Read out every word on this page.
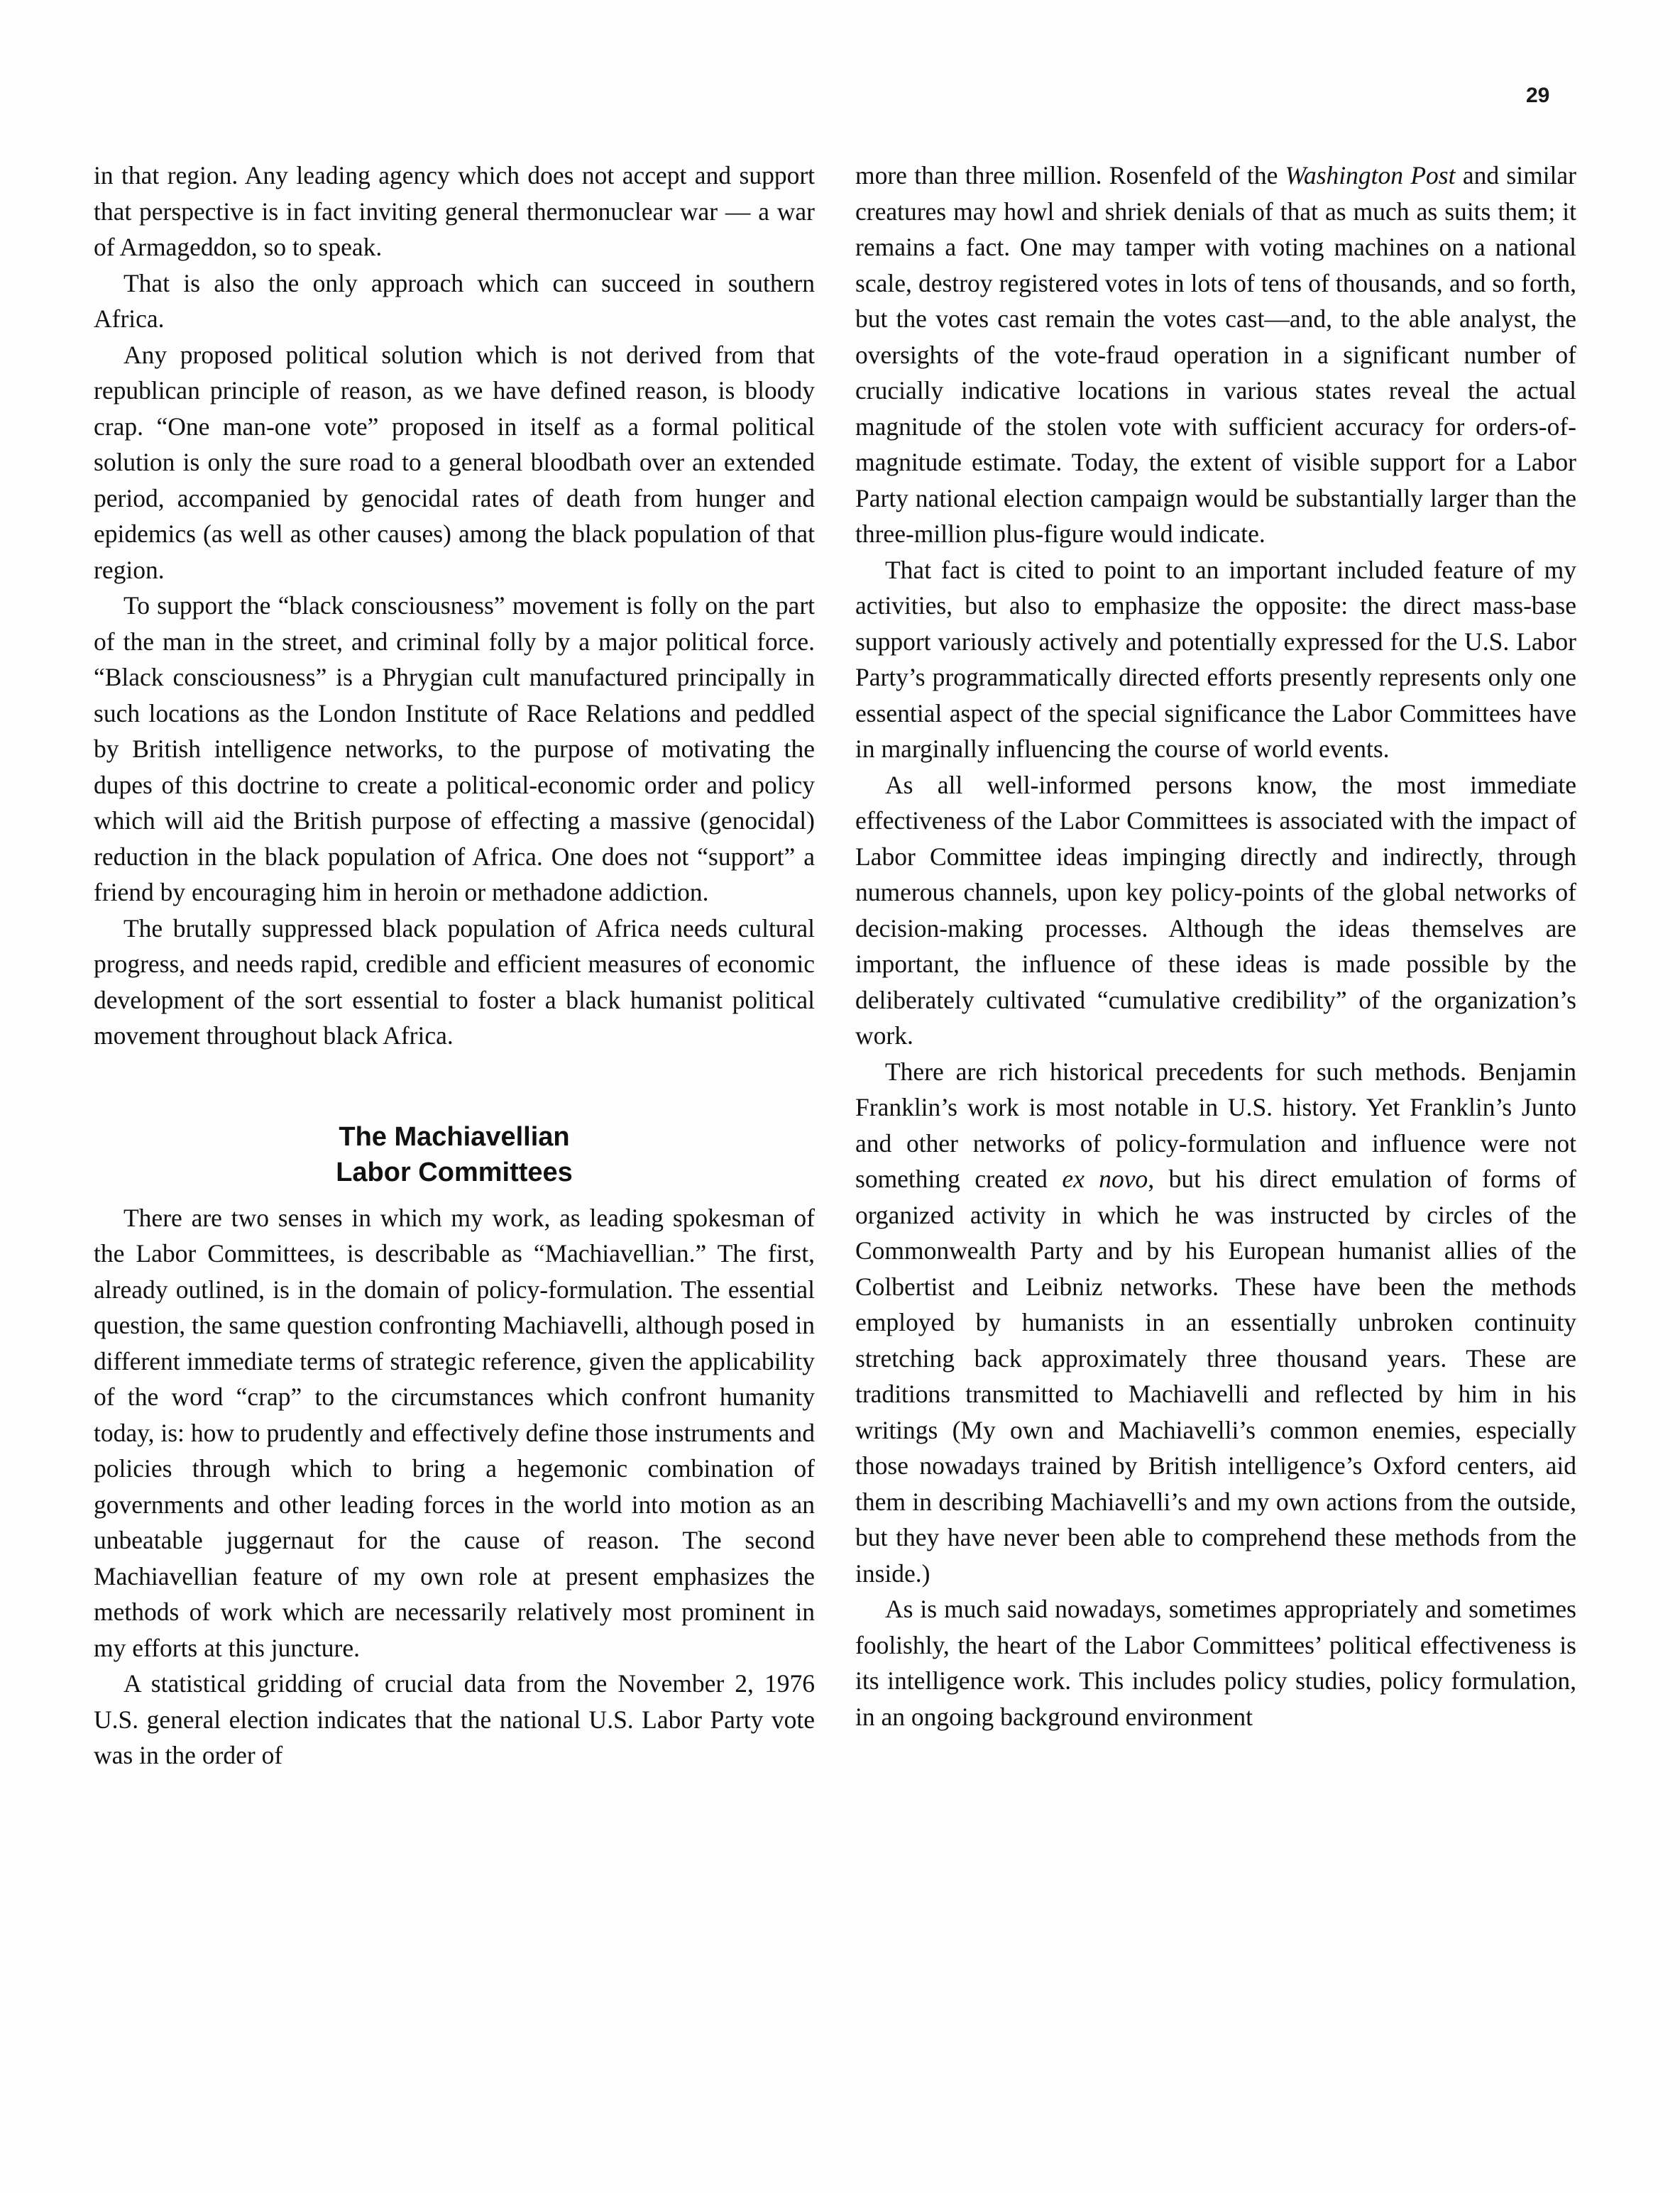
29

in that region. Any leading agency which does not accept and support that perspective is in fact inviting general thermonuclear war — a war of Armageddon, so to speak.

That is also the only approach which can succeed in southern Africa.

Any proposed political solution which is not derived from that republican principle of reason, as we have defined reason, is bloody crap. “One man-one vote” proposed in itself as a formal political solution is only the sure road to a general bloodbath over an extended period, accompanied by genocidal rates of death from hunger and epidemics (as well as other causes) among the black population of that region.

To support the “black consciousness” movement is folly on the part of the man in the street, and criminal folly by a major political force. “Black consciousness” is a Phrygian cult manufactured principally in such locations as the London Institute of Race Relations and peddled by British intelligence networks, to the purpose of motivating the dupes of this doctrine to create a political-economic order and policy which will aid the British purpose of effecting a massive (genocidal) reduction in the black population of Africa. One does not “support” a friend by encouraging him in heroin or methadone addiction.

The brutally suppressed black population of Africa needs cultural progress, and needs rapid, credible and efficient measures of economic development of the sort essential to foster a black humanist political movement throughout black Africa.

The Machiavellian
Labor Committees

There are two senses in which my work, as leading spokesman of the Labor Committees, is describable as “Machiavellian.” The first, already outlined, is in the domain of policy-formulation. The essential question, the same question confronting Machiavelli, although posed in different immediate terms of strategic reference, given the applicability of the word “crap” to the circumstances which confront humanity today, is: how to prudently and effectively define those instruments and policies through which to bring a hegemonic combination of governments and other leading forces in the world into motion as an unbeatable juggernaut for the cause of reason. The second Machiavellian feature of my own role at present emphasizes the methods of work which are necessarily relatively most prominent in my efforts at this juncture.

A statistical gridding of crucial data from the November 2, 1976 U.S. general election indicates that the national U.S. Labor Party vote was in the order of

more than three million. Rosenfeld of the Washington Post and similar creatures may howl and shriek denials of that as much as suits them; it remains a fact. One may tamper with voting machines on a national scale, destroy registered votes in lots of tens of thousands, and so forth, but the votes cast remain the votes cast—and, to the able analyst, the oversights of the vote-fraud operation in a significant number of crucially indicative locations in various states reveal the actual magnitude of the stolen vote with sufficient accuracy for orders-of-magnitude estimate. Today, the extent of visible support for a Labor Party national election campaign would be substantially larger than the three-million plus-figure would indicate.

That fact is cited to point to an important included feature of my activities, but also to emphasize the opposite: the direct mass-base support variously actively and potentially expressed for the U.S. Labor Party’s programmatically directed efforts presently represents only one essential aspect of the special significance the Labor Committees have in marginally influencing the course of world events.

As all well-informed persons know, the most immediate effectiveness of the Labor Committees is associated with the impact of Labor Committee ideas impinging directly and indirectly, through numerous channels, upon key policy-points of the global networks of decision-making processes. Although the ideas themselves are important, the influence of these ideas is made possible by the deliberately cultivated “cumulative credibility” of the organization’s work.

There are rich historical precedents for such methods. Benjamin Franklin’s work is most notable in U.S. history. Yet Franklin’s Junto and other networks of policy-formulation and influence were not something created ex novo, but his direct emulation of forms of organized activity in which he was instructed by circles of the Commonwealth Party and by his European humanist allies of the Colbertist and Leibniz networks. These have been the methods employed by humanists in an essentially unbroken continuity stretching back approximately three thousand years. These are traditions transmitted to Machiavelli and reflected by him in his writings (My own and Machiavelli’s common enemies, especially those nowadays trained by British intelligence’s Oxford centers, aid them in describing Machiavelli’s and my own actions from the outside, but they have never been able to comprehend these methods from the inside.)

As is much said nowadays, sometimes appropriately and sometimes foolishly, the heart of the Labor Committees’ political effectiveness is its intelligence work. This includes policy studies, policy formulation, in an ongoing background environment
